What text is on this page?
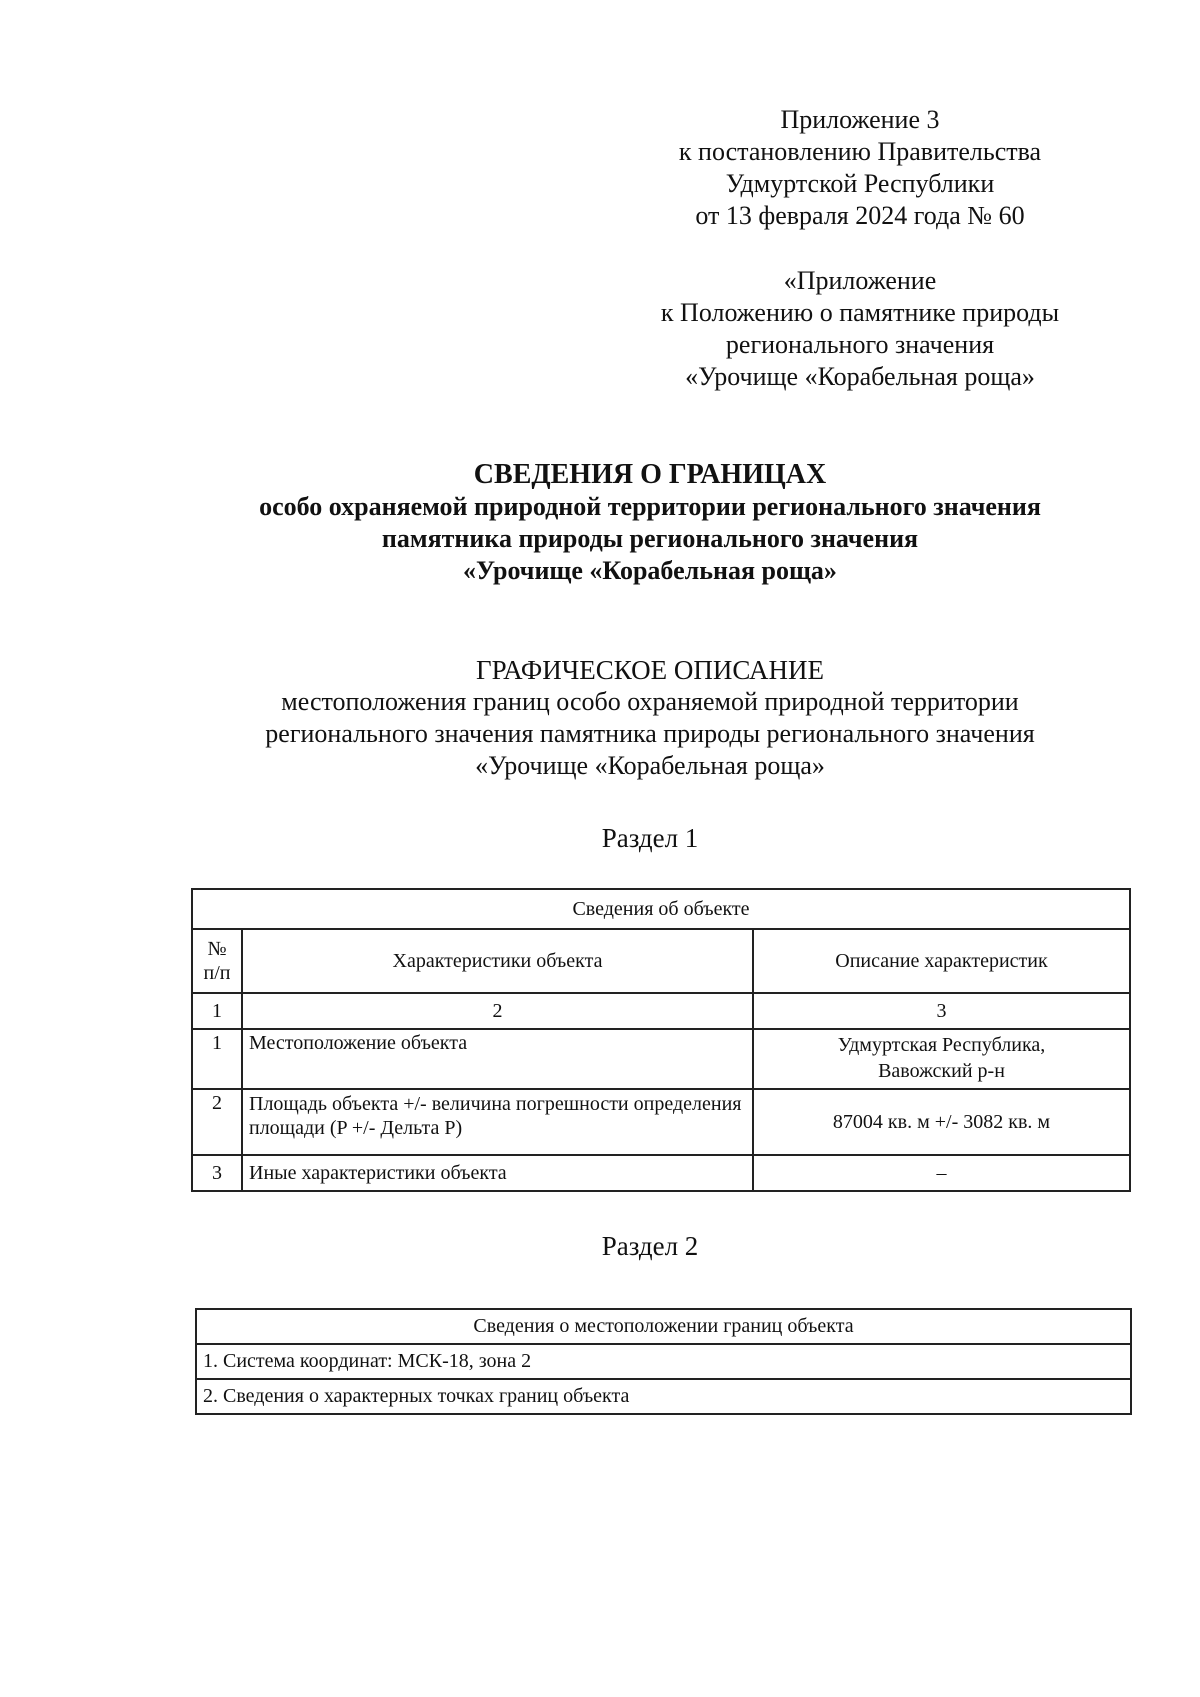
Приложение 3
к постановлению Правительства
Удмуртской Республики
от 13 февраля 2024 года № 60
«Приложение
к Положению о памятнике природы
регионального значения
«Урочище «Корабельная роща»
СВЕДЕНИЯ О ГРАНИЦАХ
особо охраняемой природной территории регионального значения
памятника природы регионального значения
«Урочище «Корабельная роща»
ГРАФИЧЕСКОЕ ОПИСАНИЕ
местоположения границ особо охраняемой природной территории
регионального значения памятника природы регионального значения
«Урочище «Корабельная роща»
Раздел 1
Сведения об объекте		
№ п/п	Характеристики объекта	Описание характеристик
1	2	3
1	Местоположение объекта	Удмуртская Республика, Вавожский р-н
2	Площадь объекта +/- величина погрешности определения площади (P +/- Дельта P)	87004 кв. м +/- 3082 кв. м
3	Иные характеристики объекта	–
Раздел 2
Сведения о местоположении границ объекта
1. Система координат: МСК-18, зона 2
2. Сведения о характерных точках границ объекта
